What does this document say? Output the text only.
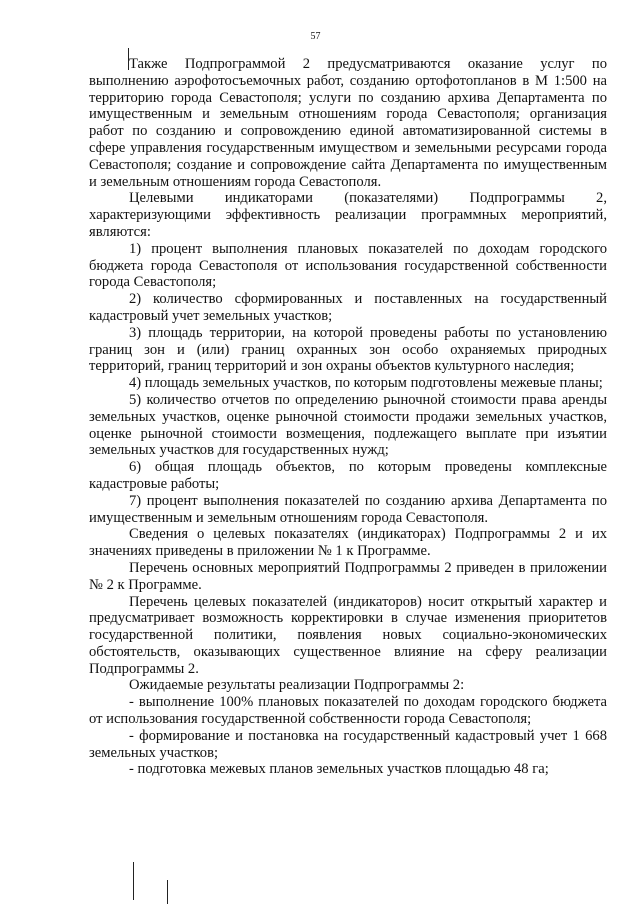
57

Также Подпрограммой 2 предусматриваются оказание услуг по выполнению аэрофотосъемочных работ, созданию ортофотопланов в М 1:500 на территорию города Севастополя; услуги по созданию архива Департамента по имущественным и земельным отношениям города Севастополя; организация работ по созданию и сопровождению единой автоматизированной системы в сфере управления государственным имуществом и земельными ресурсами города Севастополя; создание и сопровождение сайта Департамента по имущественным и земельным отношениям города Севастополя.

Целевыми индикаторами (показателями) Подпрограммы 2, характеризующими эффективность реализации программных мероприятий, являются:

1) процент выполнения плановых показателей по доходам городского бюджета города Севастополя от использования государственной собственности города Севастополя;

2) количество сформированных и поставленных на государственный кадастровый учет земельных участков;

3) площадь территории, на которой проведены работы по установлению границ зон и (или) границ охранных зон особо охраняемых природных территорий, границ территорий и зон охраны объектов культурного наследия;

4) площадь земельных участков, по которым подготовлены межевые планы;

5) количество отчетов по определению рыночной стоимости права аренды земельных участков, оценке рыночной стоимости продажи земельных участков, оценке рыночной стоимости возмещения, подлежащего выплате при изъятии земельных участков для государственных нужд;

6) общая площадь объектов, по которым проведены комплексные кадастровые работы;

7) процент выполнения показателей по созданию архива Департамента по имущественным и земельным отношениям города Севастополя.

Сведения о целевых показателях (индикаторах) Подпрограммы 2 и их значениях приведены в приложении № 1 к Программе.

Перечень основных мероприятий Подпрограммы 2 приведен в приложении № 2 к Программе.

Перечень целевых показателей (индикаторов) носит открытый характер и предусматривает возможность корректировки в случае изменения приоритетов государственной политики, появления новых социально-экономических обстоятельств, оказывающих существенное влияние на сферу реализации Подпрограммы 2.

Ожидаемые результаты реализации Подпрограммы 2:

- выполнение 100% плановых показателей по доходам городского бюджета от использования государственной собственности города Севастополя;

- формирование и постановка на государственный кадастровый учет 1 668 земельных участков;

- подготовка межевых планов земельных участков площадью 48 га;
